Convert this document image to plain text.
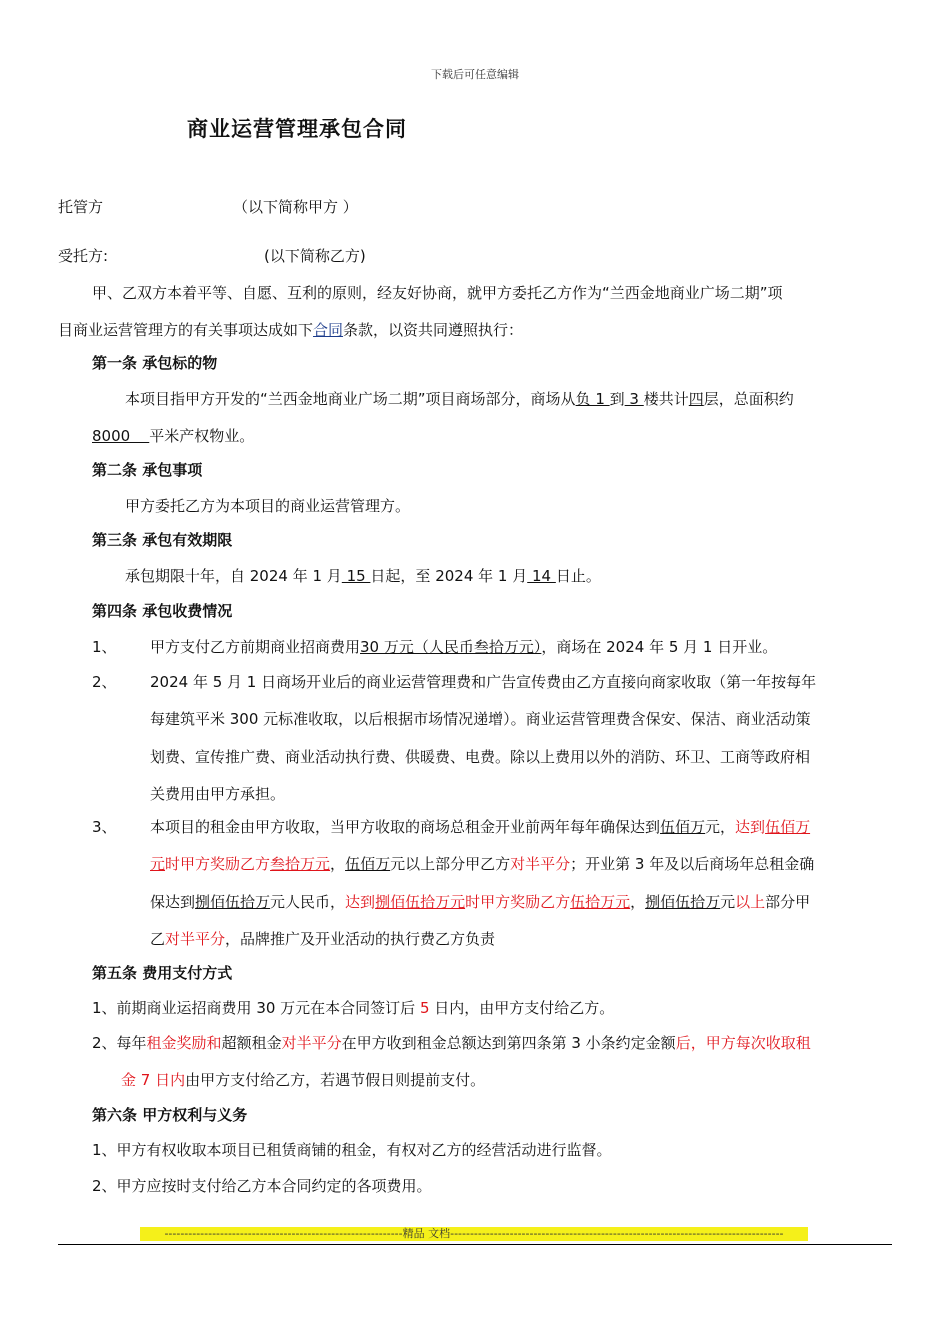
下载后可任意编辑
商业运营管理承包合同
托管方	（以下简称甲方 ）
受托方:	(以下简称乙方)
甲、乙双方本着平等、自愿、互利的原则，经友好协商，就甲方委托乙方作为“兰西金地商业广场二期”项
目商业运营管理方的有关事项达成如下合同条款，以资共同遵照执行：
第一条 承包标的物
本项目指甲方开发的“兰西金地商业广场二期”项目商场部分，商场从负 1 到 3 楼共计四层，总面积约
8000    平米产权物业。
第二条 承包事项
甲方委托乙方为本项目的商业运营管理方。
第三条 承包有效期限
承包期限十年，自 2024 年 1 月 15 日起，至 2024 年 1 月 14 日止。
第四条 承包收费情况
1、 甲方支付乙方前期商业招商费用30 万元（人民币叁拾万元），商场在 2024 年 5 月 1 日开业。
2、 2024 年 5 月 1 日商场开业后的商业运营管理费和广告宣传费由乙方直接向商家收取（第一年按每年
每建筑平米 300 元标准收取，以后根据市场情况递增）。商业运营管理费含保安、保洁、商业活动策
划费、宣传推广费、商业活动执行费、供暖费、电费。除以上费用以外的消防、环卫、工商等政府相
关费用由甲方承担。
3、 本项目的租金由甲方收取，当甲方收取的商场总租金开业前两年每年确保达到伍佰万元，达到伍佰万
元时甲方奖励乙方叁拾万元，伍佰万元以上部分甲乙方对半平分；开业第 3 年及以后商场年总租金确
保达到捌佰伍拾万元人民币，达到捌佰伍拾万元时甲方奖励乙方伍拾万元，捌佰伍拾万元以上部分甲
乙对半平分，品牌推广及开业活动的执行费乙方负责
第五条 费用支付方式
1、前期商业运招商费用 30 万元在本合同签订后 5 日内，由甲方支付给乙方。
2、每年租金奖励和超额租金对半平分在甲方收到租金总额达到第四条第 3 小条约定金额后，甲方每次收取租
金 7 日内由甲方支付给乙方，若遇节假日则提前支付。
第六条 甲方权利与义务
1、甲方有权收取本项目已租赁商铺的租金，有权对乙方的经营活动进行监督。
2、甲方应按时支付给乙方本合同约定的各项费用。
------------------------------------------------------------精品 文档------------------------------------------------------------------------------------
